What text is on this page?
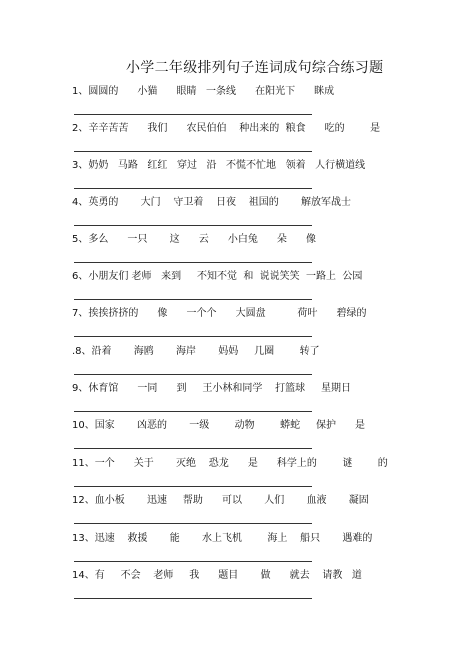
小学二年级排列句子连词成句综合练习题
1、圆圆的      小猫      眼睛   一条线      在阳光下      眯成
2、辛辛苦苦      我们      农民伯伯    种出来的  粮食      吃的        是
3、奶奶   马路   红红   穿过   沿   不慌不忙地   领着   人行横道线
4、英勇的       大门    守卫着    日夜    祖国的       解放军战士
5、多么      一只       这      云      小白兔      朵      像
6、小朋友们 老师   来到     不知不觉  和  说说笑笑  一路上  公园
7、挨挨挤挤的      像      一个个      大圆盘          荷叶      碧绿的
.8、沿着       海鸥       海岸       妈妈     几圈        转了
9、休育馆      一同      到     王小林和同学    打篮球     星期日
10、国家       凶恶的       一级        动物        蟒蛇     保护      是
11、一个      关于       灭绝    恐龙      是      科学上的        谜        的
12、血小板       迅速     帮助      可以       人们       血液       凝固
13、迅速    救援       能       水上飞机        海上    船只       遇难的
14、有     不会    老师     我      题目       做      就去    请教   道
